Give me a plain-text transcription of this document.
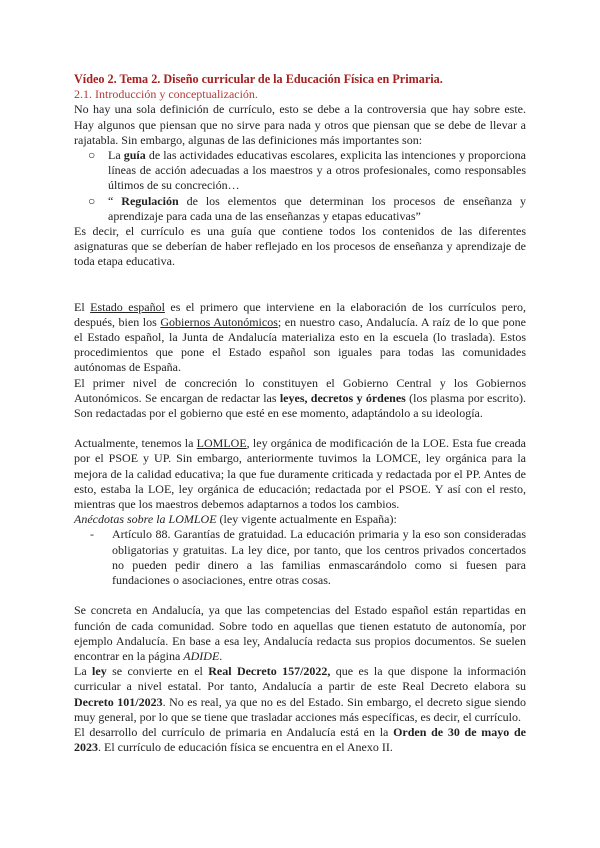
Vídeo 2. Tema 2. Diseño curricular de la Educación Física en Primaria.

2.1. Introducción y conceptualización.

No hay una sola definición de currículo, esto se debe a la controversia que hay sobre este. Hay algunos que piensan que no sirve para nada y otros que piensan que se debe de llevar a rajatabla. Sin embargo, algunas de las definiciones más importantes son:

○ La guía de las actividades educativas escolares, explicita las intenciones y proporciona líneas de acción adecuadas a los maestros y a otros profesionales, como responsables últimos de su concreción…
○ “ Regulación de los elementos que determinan los procesos de enseñanza y aprendizaje para cada una de las enseñanzas y etapas educativas”

Es decir, el currículo es una guía que contiene todos los contenidos de las diferentes asignaturas que se deberían de haber reflejado en los procesos de enseñanza y aprendizaje de toda etapa educativa.

El Estado español es el primero que interviene en la elaboración de los currículos pero, después, bien los Gobiernos Autonómicos; en nuestro caso, Andalucía. A raíz de lo que pone el Estado español, la Junta de Andalucía materializa esto en la escuela (lo traslada). Estos procedimientos que pone el Estado español son iguales para todas las comunidades autónomas de España.

El primer nivel de concreción lo constituyen el Gobierno Central y los Gobiernos Autonómicos. Se encargan de redactar las leyes, decretos y órdenes (los plasma por escrito). Son redactadas por el gobierno que esté en ese momento, adaptándolo a su ideología.

Actualmente, tenemos la LOMLOE, ley orgánica de modificación de la LOE. Esta fue creada por el PSOE y UP. Sin embargo, anteriormente tuvimos la LOMCE, ley orgánica para la mejora de la calidad educativa; la que fue duramente criticada y redactada por el PP. Antes de esto, estaba la LOE, ley orgánica de educación; redactada por el PSOE. Y así con el resto, mientras que los maestros debemos adaptarnos a todos los cambios.

Anécdotas sobre la LOMLOE (ley vigente actualmente en España):

- Artículo 88. Garantías de gratuidad. La educación primaria y la eso son consideradas obligatorias y gratuitas. La ley dice, por tanto, que los centros privados concertados no pueden pedir dinero a las familias enmascarándolo como si fuesen para fundaciones o asociaciones, entre otras cosas.

Se concreta en Andalucía, ya que las competencias del Estado español están repartidas en función de cada comunidad. Sobre todo en aquellas que tienen estatuto de autonomía, por ejemplo Andalucía. En base a esa ley, Andalucía redacta sus propios documentos. Se suelen encontrar en la página ADIDE.

La ley se convierte en el Real Decreto 157/2022, que es la que dispone la información curricular a nivel estatal. Por tanto, Andalucía a partir de este Real Decreto elabora su Decreto 101/2023. No es real, ya que no es del Estado. Sin embargo, el decreto sigue siendo muy general, por lo que se tiene que trasladar acciones más específicas, es decir, el currículo.

El desarrollo del currículo de primaria en Andalucía está en la Orden de 30 de mayo de 2023. El currículo de educación física se encuentra en el Anexo II.
